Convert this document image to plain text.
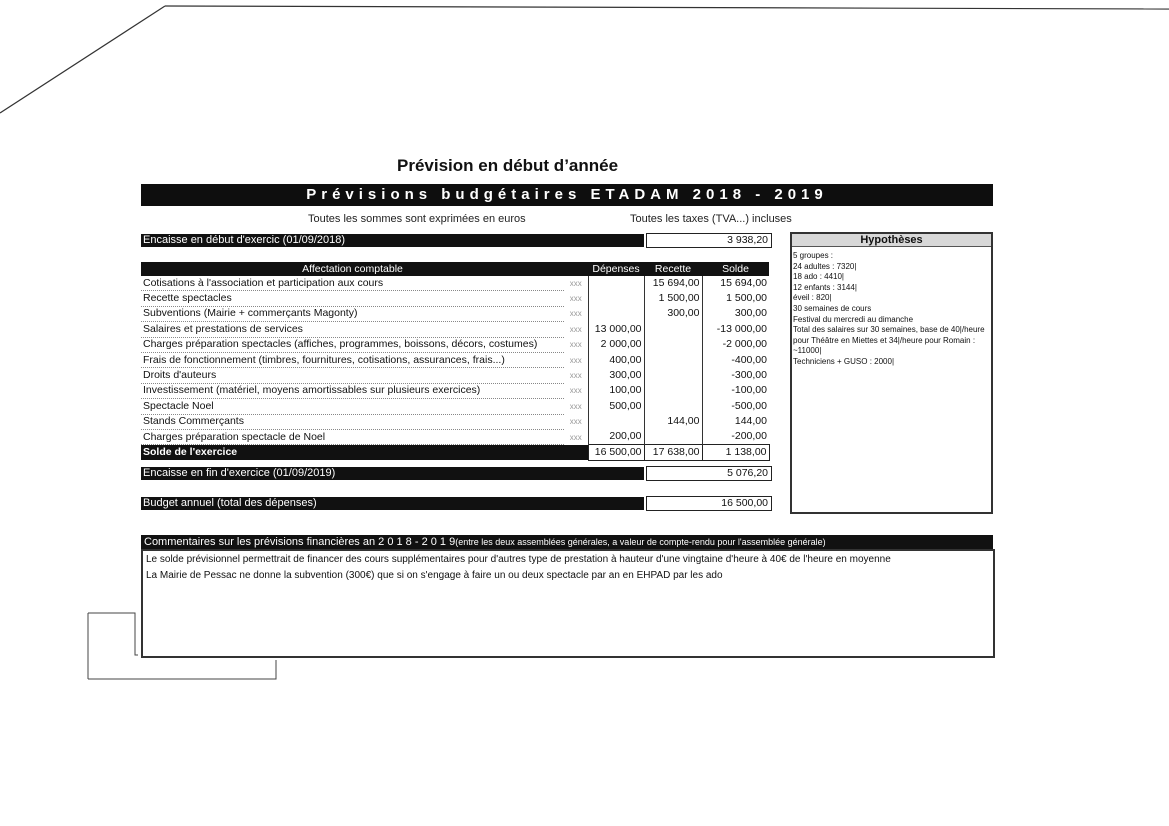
Prévision en début d’année
Prévisions budgétaires ETADAM 2018 - 2019
Toutes les sommes sont exprimées en euros	Toutes les taxes (TVA...) incluses
Encaisse en début d'exercic (01/09/2018)	3 938,20
Affectation comptable		Dépenses	Recette	Solde
Cotisations à l'association et participation aux cours	xxx		15 694,00	15 694,00
Recette spectacles	xxx		1 500,00	1 500,00
Subventions (Mairie + commerçants Magonty)	xxx		300,00	300,00
Salaires et prestations de services	xxx	13 000,00		-13 000,00
Charges préparation spectacles (affiches, programmes, boissons, décors, costumes)	xxx	2 000,00		-2 000,00
Frais de fonctionnement (timbres, fournitures, cotisations, assurances, frais...)	xxx	400,00		-400,00
Droits d'auteurs	xxx	300,00		-300,00
Investissement (matériel, moyens amortissables sur plusieurs exercices)	xxx	100,00		-100,00
Spectacle Noel	xxx	500,00		-500,00
Stands Commerçants	xxx		144,00	144,00
Charges préparation spectacle de Noel	xxx	200,00		-200,00
Solde de l'exercice		16 500,00	17 638,00	1 138,00
Encaisse en fin d'exercice (01/09/2019)	5 076,20
Budget annuel (total des dépenses)	16 500,00
Hypothèses
5 groupes :
24 adultes : 7320|
18 ado : 4410|
12 enfants : 3144|
éveil : 820|
30 semaines de cours
Festival du mercredi au dimanche
Total des salaires sur 30 semaines, base de 40|/heure pour Théâtre en Miettes et 34|/heure pour Romain : ~11000|
Techniciens + GUSO : 2000|
Commentaires sur les prévisions financières an 2 0 1 8 - 2 0 1 9(entre les deux assemblées générales, a valeur de compte-rendu pour l'assemblée générale)

Le solde prévisionnel permettrait de financer des cours supplémentaires pour d'autres type de prestation à hauteur d'une vingtaine d'heure à 40€ de l'heure en moyenne

La Mairie de Pessac ne donne la subvention (300€) que si on s'engage à faire un ou deux spectacle par an en EHPAD par les ado
